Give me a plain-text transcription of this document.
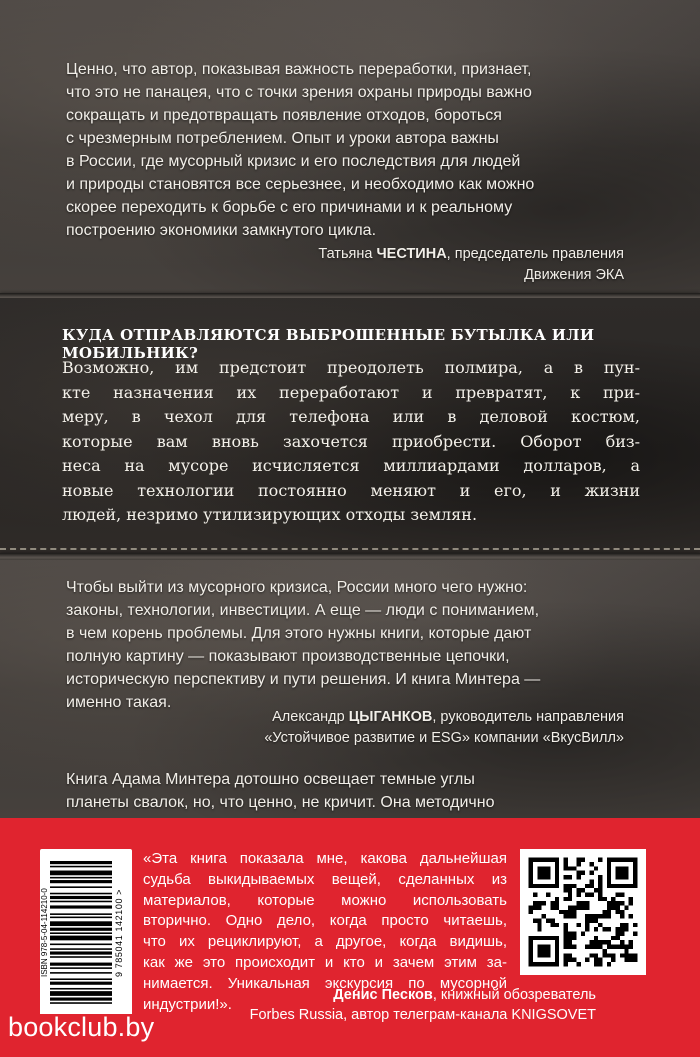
Ценно, что автор, показывая важность переработки, признает,
что это не панацея, что с точки зрения охраны природы важно
сокращать и предотвращать появление отходов, бороться
с чрезмерным потреблением. Опыт и уроки автора важны
в России, где мусорный кризис и его последствия для людей
и природы становятся все серьезнее, и необходимо как можно
скорее переходить к борьбе с его причинами и к реальному
построению экономики замкнутого цикла.
Татьяна ЧЕСТИНА, председатель правления
Движения ЭКА
КУДА ОТПРАВЛЯЮТСЯ ВЫБРОШЕННЫЕ БУТЫЛКА ИЛИ МОБИЛЬНИК?
Возможно, им предстоит преодолеть полмира, а в пун-
кте назначения их переработают и превратят, к при-
меру, в чехол для телефона или в деловой костюм,
которые вам вновь захочется приобрести. Оборот биз-
неса на мусоре исчисляется миллиардами долларов, а
новые технологии постоянно меняют и его, и жизни
людей, незримо утилизирующих отходы землян.
Чтобы выйти из мусорного кризиса, России много чего нужно:
законы, технологии, инвестиции. А еще — люди с пониманием,
в чем корень проблемы. Для этого нужны книги, которые дают
полную картину — показывают производственные цепочки,
историческую перспективу и пути решения. И книга Минтера —
именно такая.
Александр ЦЫГАНКОВ, руководитель направления
«Устойчивое развитие и ESG» компании «ВкусВилл»
Книга Адама Минтера дотошно освещает темные углы
планеты свалок, но, что ценно, не кричит. Она методично
ISBN 978-5-04-114210-0	9 785041 142100 >
«Эта книга показала мне, какова дальнейшая
судьба выкидываемых вещей, сделанных из
материалов, которые можно использовать
вторично. Одно дело, когда просто читаешь,
что их рециклируют, а другое, когда видишь,
как же это происходит и кто и зачем этим за-
нимается. Уникальная экскурсия по мусорной
индустрии!».
Денис Песков, книжный обозреватель
Forbes Russia, автор телеграм-канала KNIGSOVET
bookclub.by
